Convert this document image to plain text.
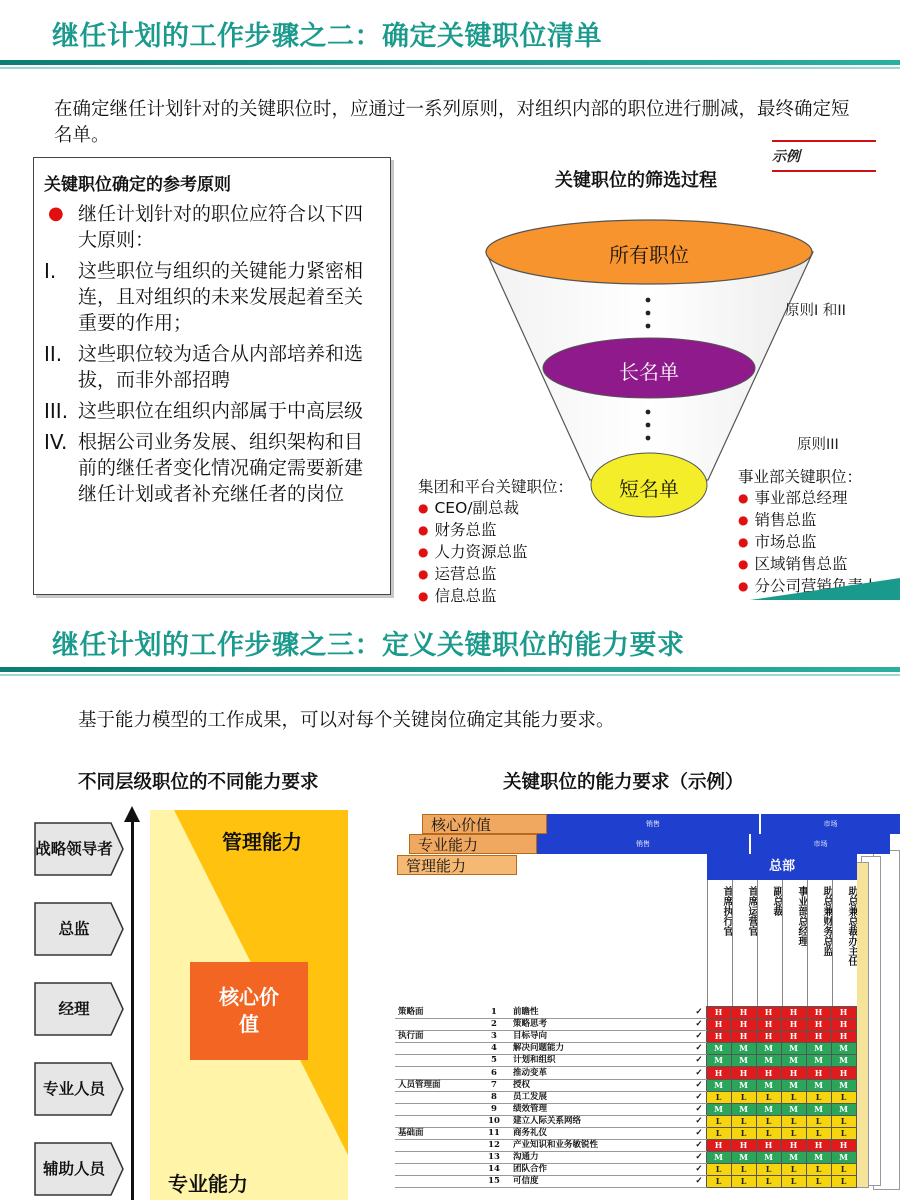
继任计划的工作步骤之二：确定关键职位清单
在确定继任计划针对的关键职位时，应通过一系列原则，对组织内部的职位进行删减，最终确定短名单。
关键职位确定的参考原则
● 继任计划针对的职位应符合以下四大原则：
I.	这些职位与组织的关键能力紧密相连，且对组织的未来发展起着至关重要的作用；
II. 这些职位较为适合从内部培养和选拔，而非外部招聘
III. 这些职位在组织内部属于中高层级
IV. 根据公司业务发展、组织架构和目前的继任者变化情况确定需要新建继任计划或者补充继任者的岗位
示例
关键职位的筛选过程
所有职位
长名单
短名单
原则I 和II
原则III
集团和平台关键职位：
● CEO/副总裁
● 财务总监
● 人力资源总监
● 运营总监
● 信息总监
事业部关键职位：
● 事业部总经理
● 销售总监
● 市场总监
● 区域销售总监
● 分公司营销负责人
继任计划的工作步骤之三：定义关键职位的能力要求
基于能力模型的工作成果，可以对每个关键岗位确定其能力要求。
不同层级职位的不同能力要求	关键职位的能力要求（示例）
战略领导者
总监
经理
专业人员
辅助人员
管理能力
核心价值
专业能力
核心价值
专业能力
管理能力
销售	市场
销售	市场
总部
首席执行官	首席运营官	副总裁	事业部总经理	助总兼财务总监	助总兼总裁办主任
策略面	1	前瞻性	✓	H	H	H	H	H	H
	2	策略思考	✓	H	H	H	H	H	H
执行面	3	目标导向	✓	H	H	H	H	H	H
	4	解决问题能力	✓	M	M	M	M	M	M
	5	计划和组织	✓	M	M	M	M	M	M
	6	推动变革	✓	H	H	H	H	H	H
人员管理面	7	授权	✓	M	M	M	M	M	M
	8	员工发展	✓	L	L	L	L	L	L
	9	绩效管理	✓	M	M	M	M	M	M
	10	建立人际关系网络	✓	L	L	L	L	L	L
基础面	11	商务礼仪	✓	L	L	L	L	L	L
	12	产业知识和业务敏锐性	✓	H	H	H	H	H	H
	13	沟通力	✓	M	M	M	M	M	M
	14	团队合作	✓	L	L	L	L	L	L
	15	可信度	✓	L	L	L	L	L	L
